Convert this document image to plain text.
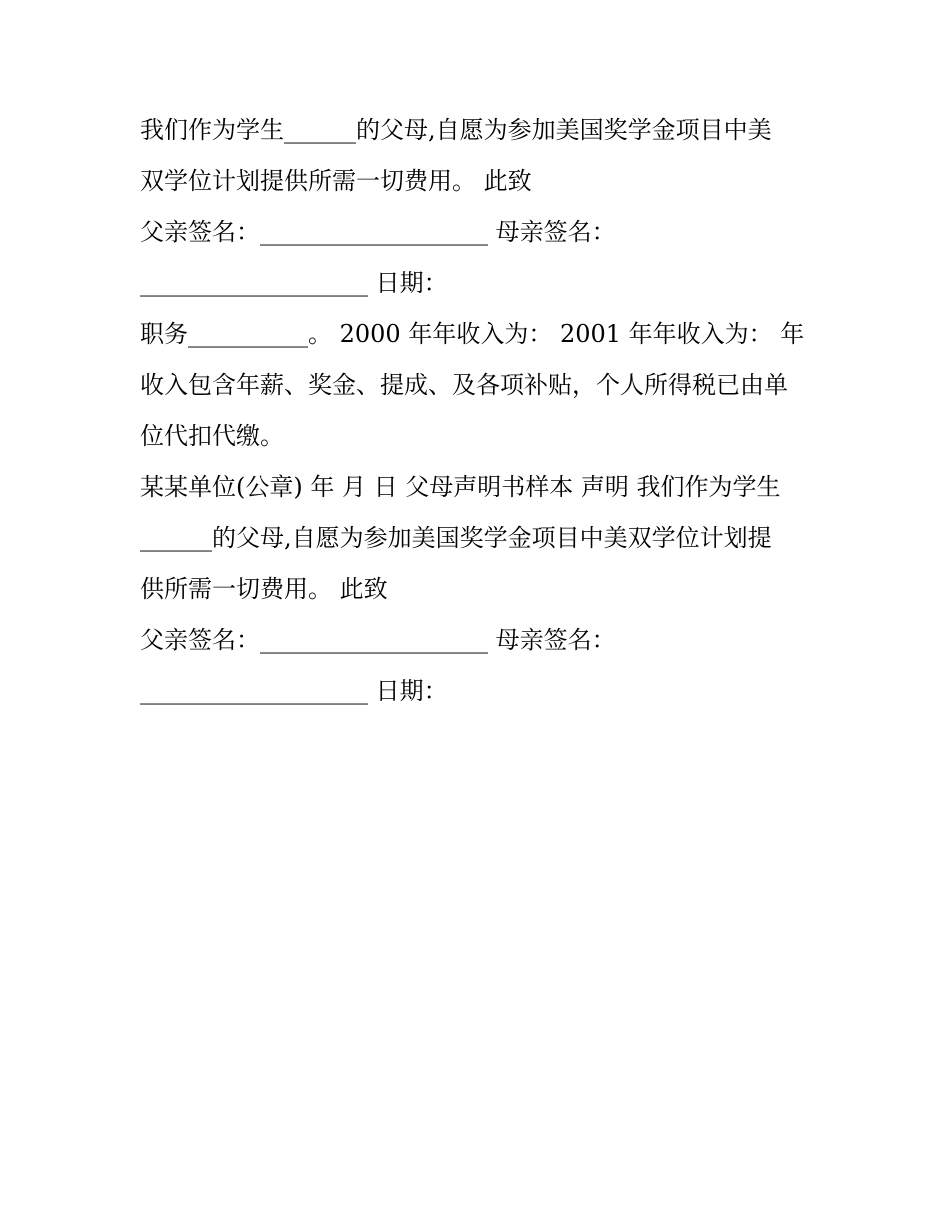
我们作为学生______的父母,自愿为参加美国奖学金项目中美
双学位计划提供所需一切费用。 此致
父亲签名：___________________ 母亲签名：
___________________ 日期：
职务__________。 2000 年年收入为： 2001 年年收入为： 年
收入包含年薪、奖金、提成、及各项补贴，个人所得税已由单
位代扣代缴。
某某单位(公章) 年 月 日 父母声明书样本 声明 我们作为学生
______的父母,自愿为参加美国奖学金项目中美双学位计划提
供所需一切费用。 此致
父亲签名：___________________ 母亲签名：
___________________ 日期：
